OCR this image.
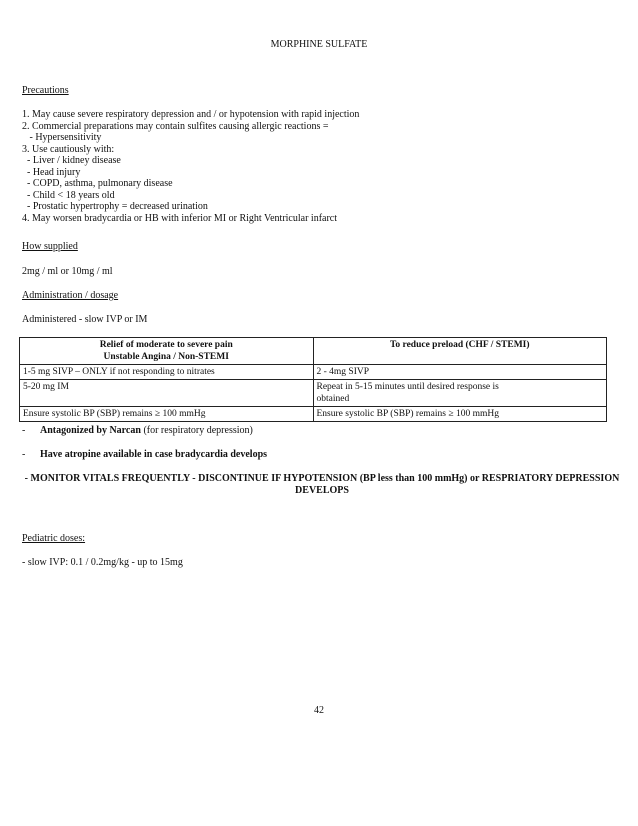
MORPHINE SULFATE
Precautions
1. May cause severe respiratory depression and / or hypotension with rapid injection
2. Commercial preparations may contain sulfites causing allergic reactions =
- Hypersensitivity
3. Use cautiously with:
- Liver / kidney disease
- Head injury
- COPD, asthma, pulmonary disease
- Child < 18 years old
- Prostatic hypertrophy = decreased urination
4. May worsen bradycardia or HB with inferior MI or Right Ventricular infarct
How supplied
2mg / ml or 10mg / ml
Administration / dosage
Administered - slow IVP or IM
Relief of moderate to severe pain
Unstable Angina / Non-STEMI	To reduce preload (CHF / STEMI)

1-5 mg SIVP – ONLY if not responding to nitrates	2 - 4mg SIVP

5-20 mg IM	Repeat in 5-15 minutes until desired response is
obtained

Ensure systolic BP (SBP) remains ≥ 100 mmHg	Ensure systolic BP (SBP) remains ≥ 100 mmHg
- Antagonized by Narcan (for respiratory depression)
- Have atropine available in case bradycardia develops
- MONITOR VITALS FREQUENTLY - DISCONTINUE IF HYPOTENSION (BP less than 100 mmHg) or RESPRIATORY DEPRESSION DEVELOPS
Pediatric doses:
- slow IVP: 0.1 / 0.2mg/kg - up to 15mg
42
